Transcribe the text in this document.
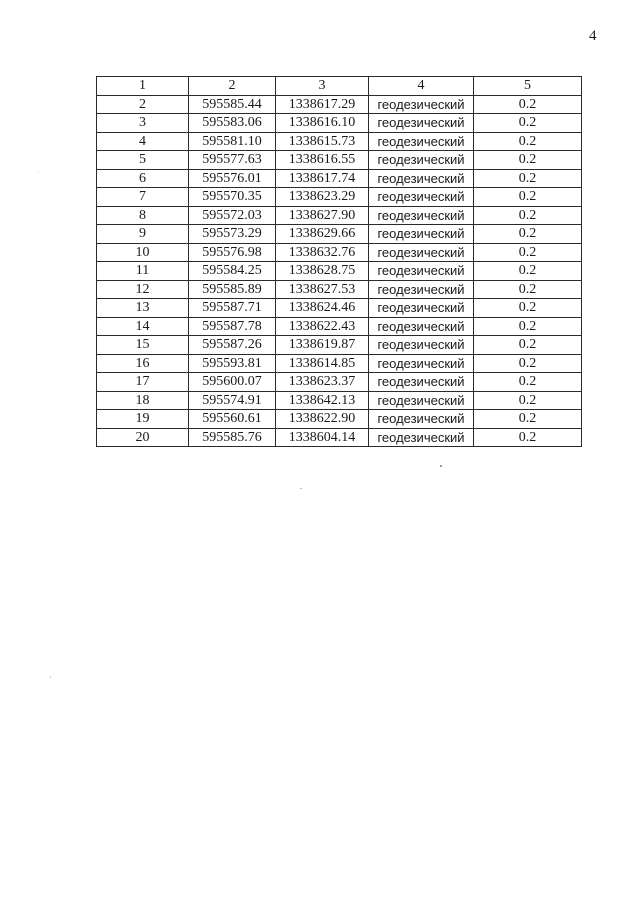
4
1	2	3	4	5
2	595585.44	1338617.29	геодезический	0.2
3	595583.06	1338616.10	геодезический	0.2
4	595581.10	1338615.73	геодезический	0.2
5	595577.63	1338616.55	геодезический	0.2
6	595576.01	1338617.74	геодезический	0.2
7	595570.35	1338623.29	геодезический	0.2
8	595572.03	1338627.90	геодезический	0.2
9	595573.29	1338629.66	геодезический	0.2
10	595576.98	1338632.76	геодезический	0.2
11	595584.25	1338628.75	геодезический	0.2
12	595585.89	1338627.53	геодезический	0.2
13	595587.71	1338624.46	геодезический	0.2
14	595587.78	1338622.43	геодезический	0.2
15	595587.26	1338619.87	геодезический	0.2
16	595593.81	1338614.85	геодезический	0.2
17	595600.07	1338623.37	геодезический	0.2
18	595574.91	1338642.13	геодезический	0.2
19	595560.61	1338622.90	геодезический	0.2
20	595585.76	1338604.14	геодезический	0.2
